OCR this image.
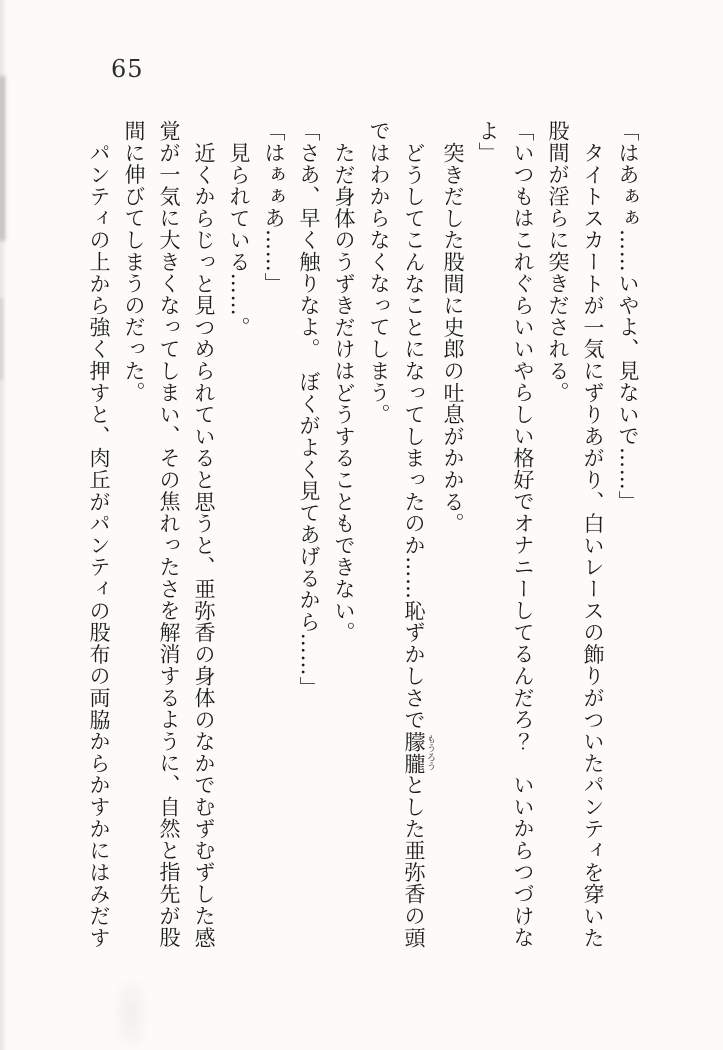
65

「はあぁぁ……いやよ、見ないで……」

タイトスカートが一気にずりあがり、白いレースの飾りがついたパンティを穿いた股間が淫らに突きだされる。

「いつもはこれぐらいいやらしい格好でオナニーしてるんだろ？　いいからつづけなよ」

突きだした股間に史郎の吐息がかかる。

どうしてこんなことになってしまったのか……恥ずかしさで朦朧 もうろうとした亜弥香の頭ではわからなくなってしまう。

ただ身体のうずきだけはどうすることもできない。

「さあ、早く触りなよ。　ぼくがよく見てあげるから……」

「はぁぁあ……」

見られている……。

近くからじっと見つめられていると思うと、亜弥香の身体のなかでむずむずした感覚が一気に大きくなってしまい、その焦れったさを解消するように、自然と指先が股間に伸びてしまうのだった。

パンティの上から強く押すと、肉丘がパンティの股布の両脇からかすかにはみだす
